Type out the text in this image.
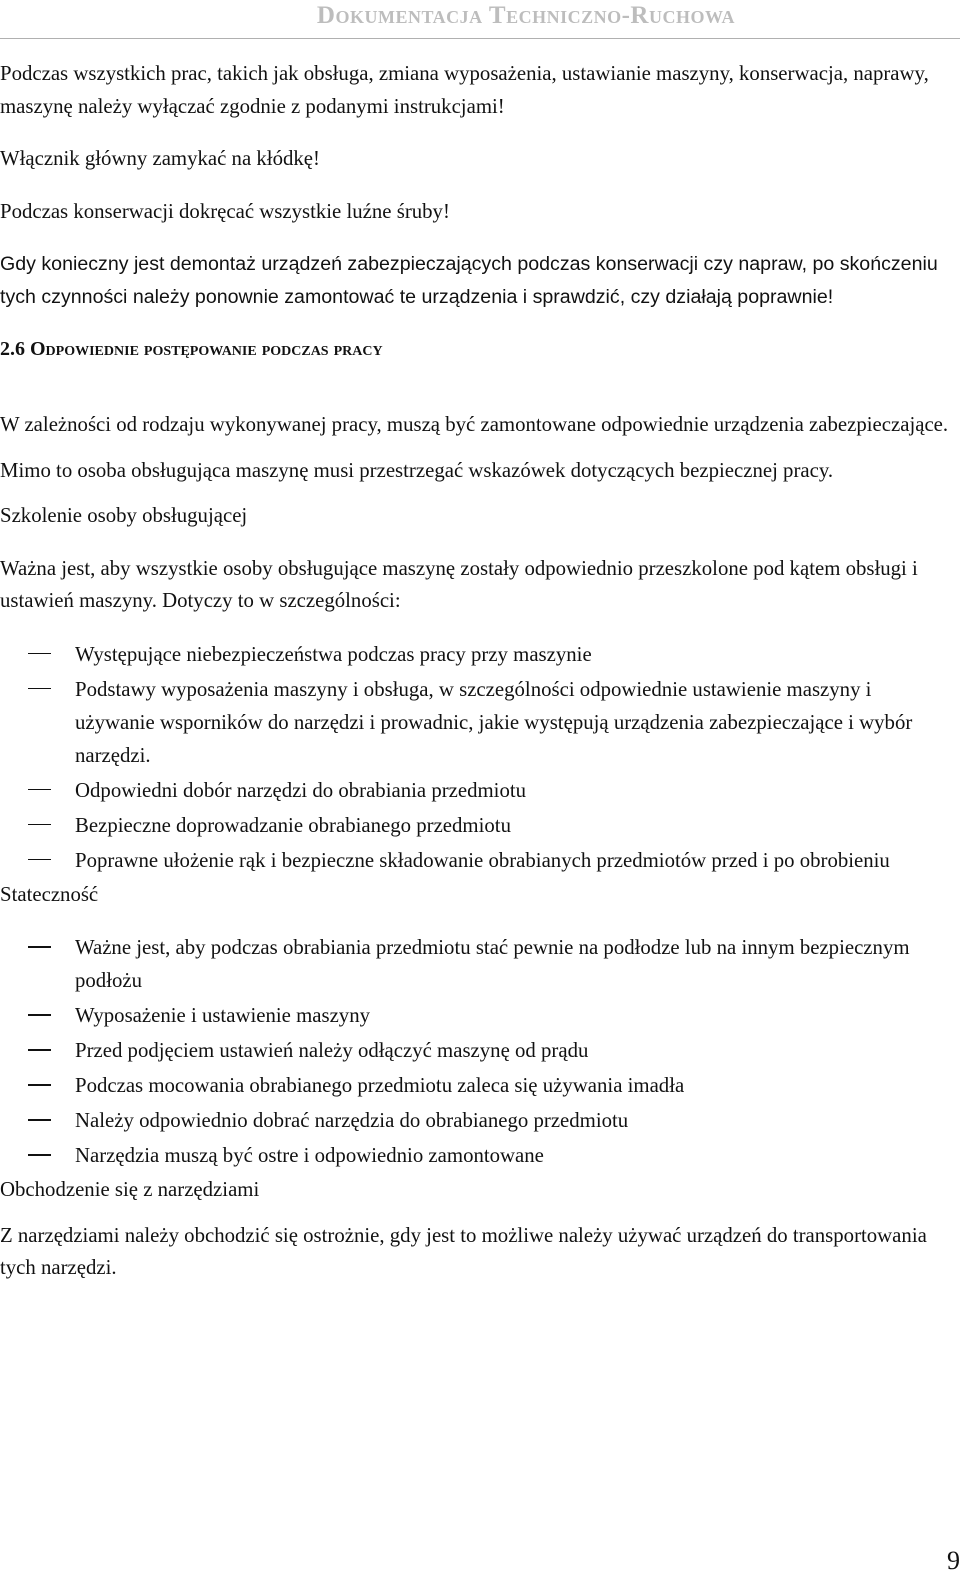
Dokumentacja Techniczno-Ruchowa

Podczas wszystkich prac, takich jak obsługa, zmiana wyposażenia, ustawianie maszyny, konserwacja, naprawy, maszynę należy wyłączać zgodnie z podanymi instrukcjami!

Włącznik główny zamykać na kłódkę!

Podczas konserwacji dokręcać wszystkie luźne śruby!

Gdy konieczny jest demontaż urządzeń zabezpieczających podczas konserwacji czy napraw, po skończeniu tych czynności należy ponownie zamontować te urządzenia i sprawdzić, czy działają poprawnie!

2.6 Odpowiednie postępowanie podczas pracy

W zależności od rodzaju wykonywanej pracy, muszą być zamontowane odpowiednie urządzenia zabezpieczające.

Mimo to osoba obsługująca maszynę musi przestrzegać wskazówek dotyczących bezpiecznej pracy.

Szkolenie osoby obsługującej

Ważna jest, aby wszystkie osoby obsługujące maszynę zostały odpowiednio przeszkolone pod kątem obsługi i ustawień maszyny. Dotyczy to w szczególności:

Występujące niebezpieczeństwa podczas pracy przy maszynie
Podstawy wyposażenia maszyny i obsługa, w szczególności odpowiednie ustawienie maszyny i używanie wsporników do narzędzi i prowadnic, jakie występują urządzenia zabezpieczające i wybór narzędzi.
Odpowiedni dobór narzędzi do obrabiania przedmiotu
Bezpieczne doprowadzanie obrabianego przedmiotu
Poprawne ułożenie rąk i bezpieczne składowanie obrabianych przedmiotów przed i po obrobieniu

Stateczność

Ważne jest, aby podczas obrabiania przedmiotu stać pewnie na podłodze lub na innym bezpiecznym podłożu
Wyposażenie i ustawienie maszyny
Przed podjęciem ustawień należy odłączyć maszynę od prądu
Podczas mocowania obrabianego przedmiotu zaleca się używania imadła
Należy odpowiednio dobrać narzędzia do obrabianego przedmiotu
Narzędzia muszą być ostre i odpowiednio zamontowane

Obchodzenie się z narzędziami

Z narzędziami należy obchodzić się ostrożnie, gdy jest to możliwe należy używać urządzeń do transportowania tych narzędzi.

9
